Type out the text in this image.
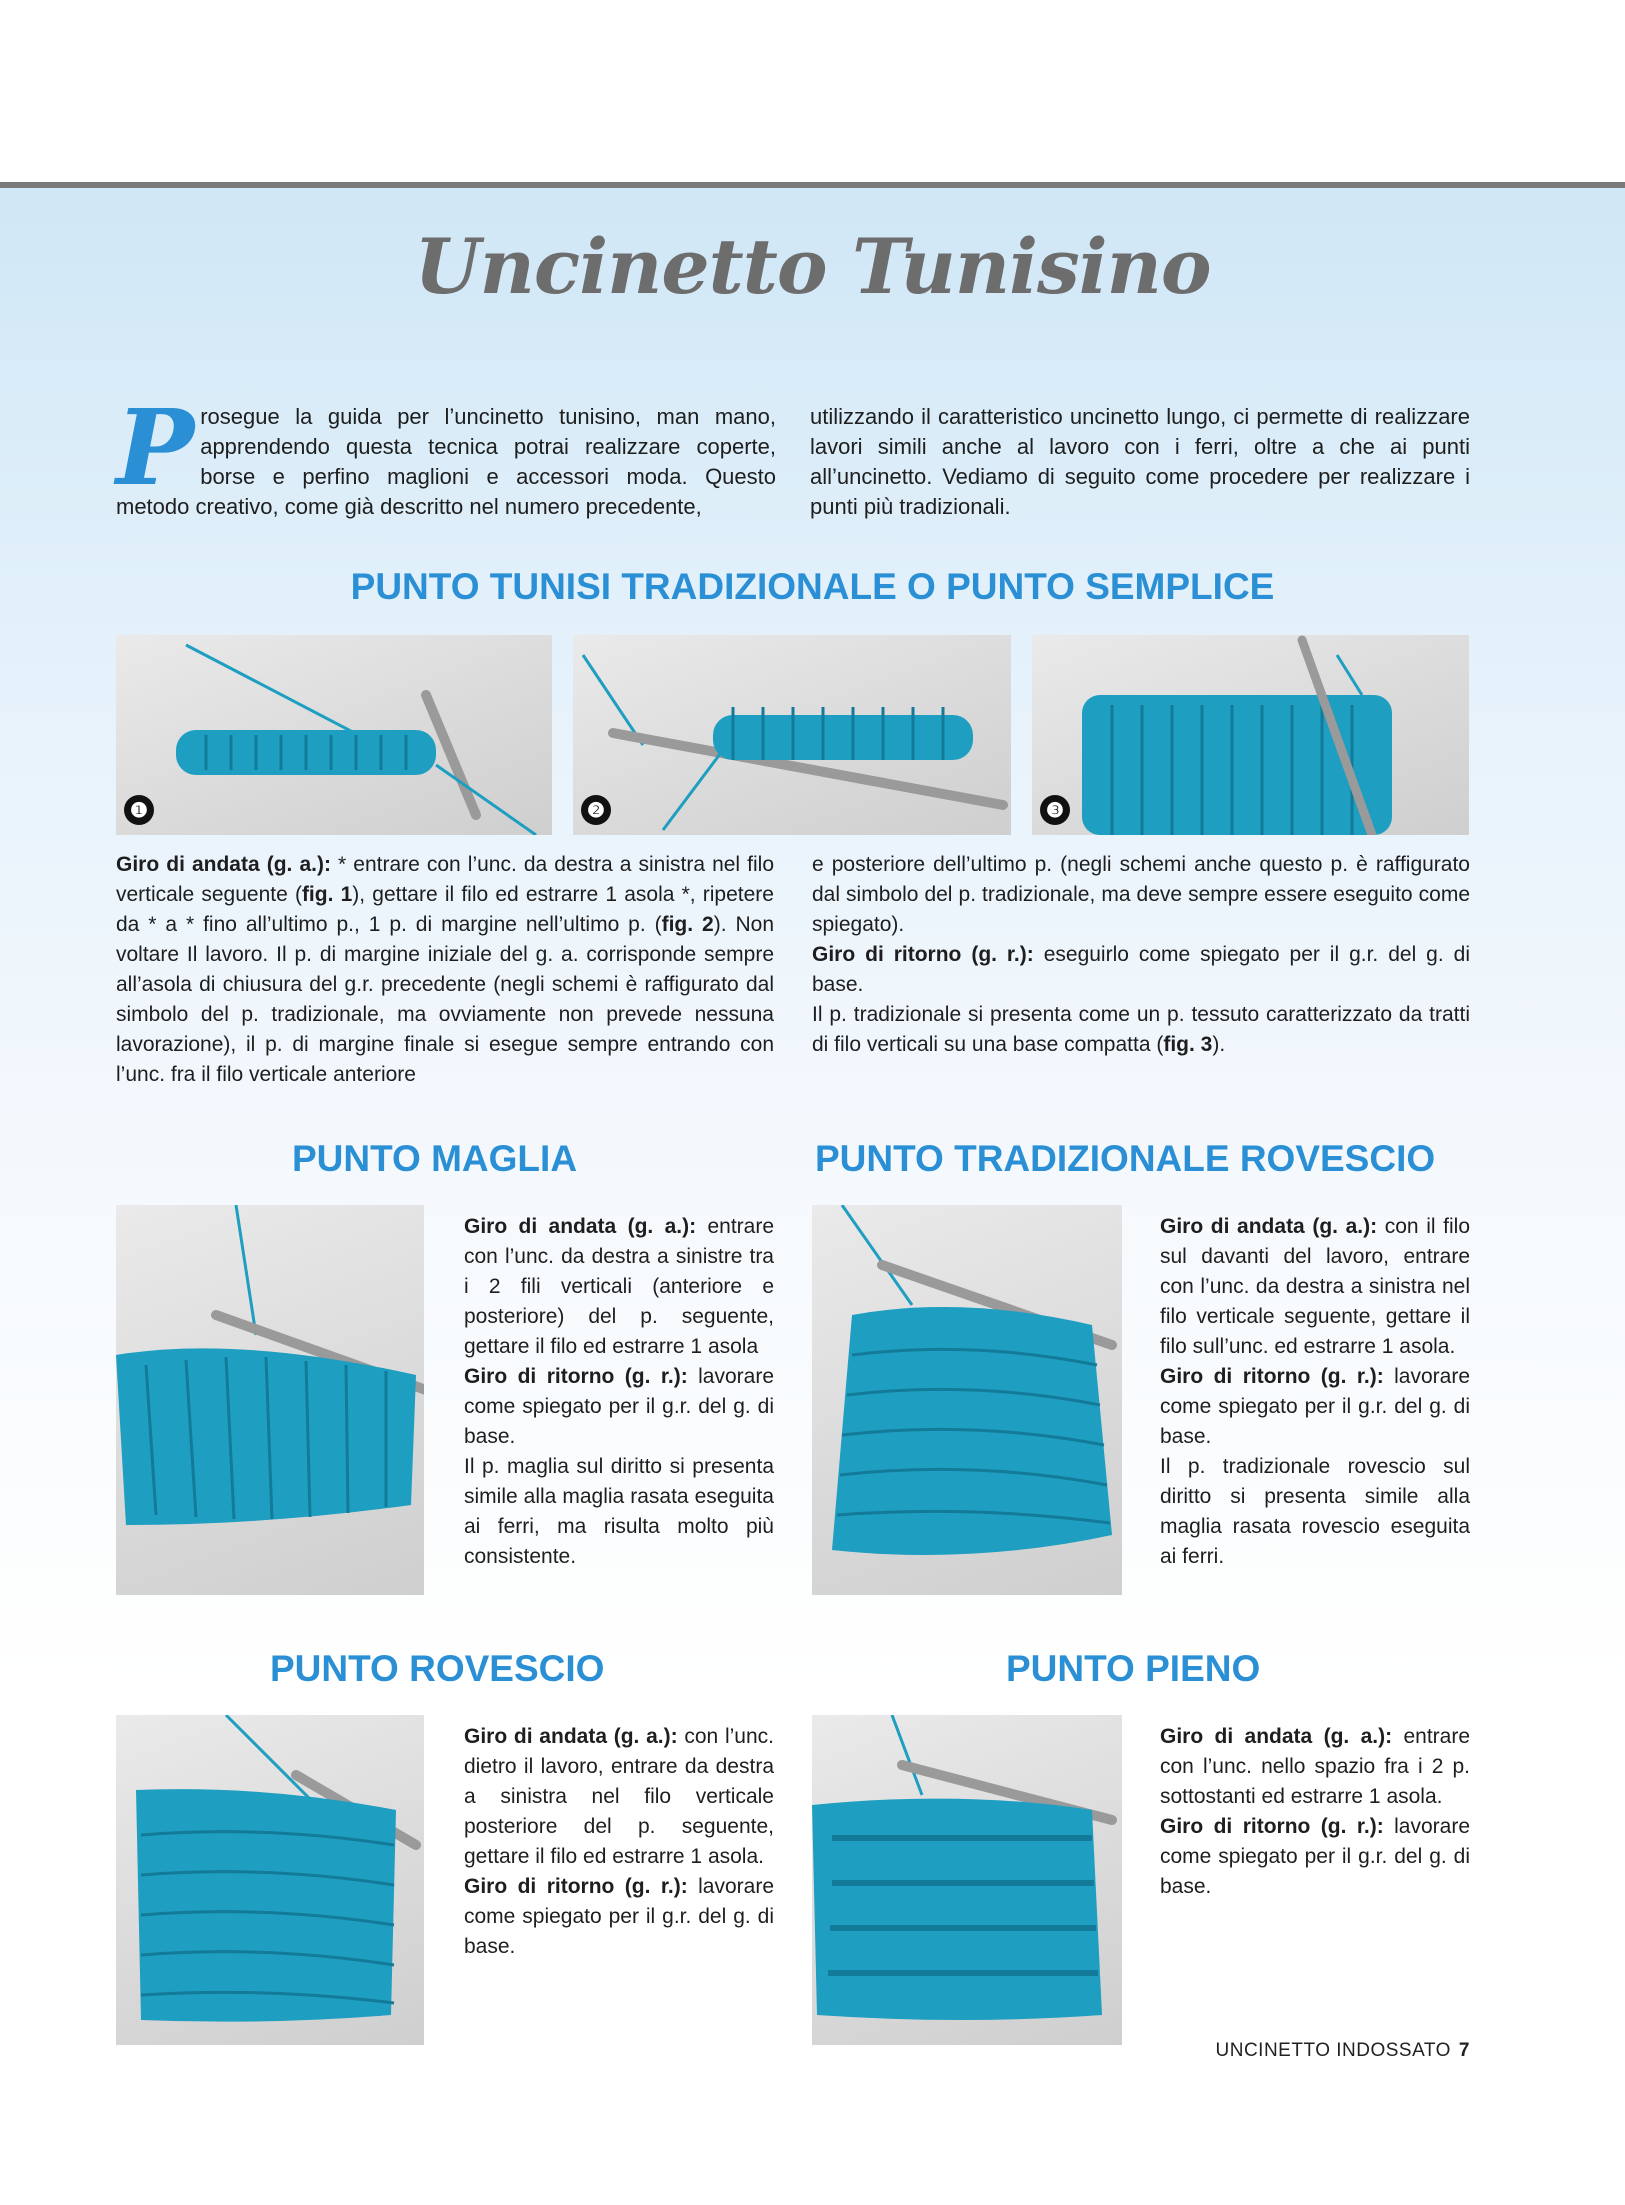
Uncinetto Tunisino
P rosegue la guida per l’uncinetto tunisino, man mano, apprendendo questa tecnica potrai realizzare coperte, borse e perfino maglioni e accessori moda. Questo metodo creativo, come già descritto nel numero precedente,
utilizzando il caratteristico uncinetto lungo, ci permette di realizzare lavori simili anche al lavoro con i ferri, oltre a che ai punti all’uncinetto. Vediamo di seguito come procedere per realizzare i punti più tradizionali.
PUNTO TUNISI TRADIZIONALE O PUNTO SEMPLICE
❶	❷	❸
Giro di andata (g. a.): * entrare con l’unc. da destra a sinistra nel filo verticale seguente (fig. 1), gettare il filo ed estrarre 1 asola *, ripetere da * a * fino all’ultimo p., 1 p. di margine nell’ultimo p. (fig. 2). Non voltare Il lavoro. Il p. di margine iniziale del g. a. corrisponde sempre all’asola di chiusura del g.r. precedente (negli schemi è raffigurato dal simbolo del p. tradizionale, ma ovviamente non prevede nessuna lavorazione), il p. di margine finale si esegue sempre entrando con l’unc. fra il filo verticale anteriore

e posteriore dell’ultimo p. (negli schemi anche questo p. è raffigurato dal simbolo del p. tradizionale, ma deve sempre essere eseguito come spiegato).

Giro di ritorno (g. r.): eseguirlo come spiegato per il g.r. del g. di base.

Il p. tradizionale si presenta come un p. tessuto caratterizzato da tratti di filo verticali su una base compatta (fig. 3).

PUNTO MAGLIA

Giro di andata (g. a.): entrare con l’unc. da destra a sinistre tra i 2 fili verticali (anteriore e posteriore) del p. seguente, gettare il filo ed estrarre 1 asola

Giro di ritorno (g. r.): lavorare come spiegato per il g.r. del g. di base.

Il p. maglia sul diritto si presenta simile alla maglia rasata eseguita ai ferri, ma risulta molto più consistente.

PUNTO TRADIZIONALE ROVESCIO

Giro di andata (g. a.): con il filo sul davanti del lavoro, entrare con l’unc. da destra a sinistra nel filo verticale seguente, gettare il filo sull’unc. ed estrarre 1 asola.

Giro di ritorno (g. r.): lavorare come spiegato per il g.r. del g. di base.

Il p. tradizionale rovescio sul diritto si presenta simile alla maglia rasata rovescio eseguita ai ferri.

PUNTO ROVESCIO

Giro di andata (g. a.): con l’unc. dietro il lavoro, entrare da destra a sinistra nel filo verticale posteriore del p. seguente, gettare il filo ed estrarre 1 asola.

Giro di ritorno (g. r.): lavorare come spiegato per il g.r. del g. di base.

PUNTO PIENO

Giro di andata (g. a.): entrare con l’unc. nello spazio fra i 2 p. sottostanti ed estrarre 1 asola.

Giro di ritorno (g. r.): lavorare come spiegato per il g.r. del g. di base.

UNCINETTO INDOSSATO 7
